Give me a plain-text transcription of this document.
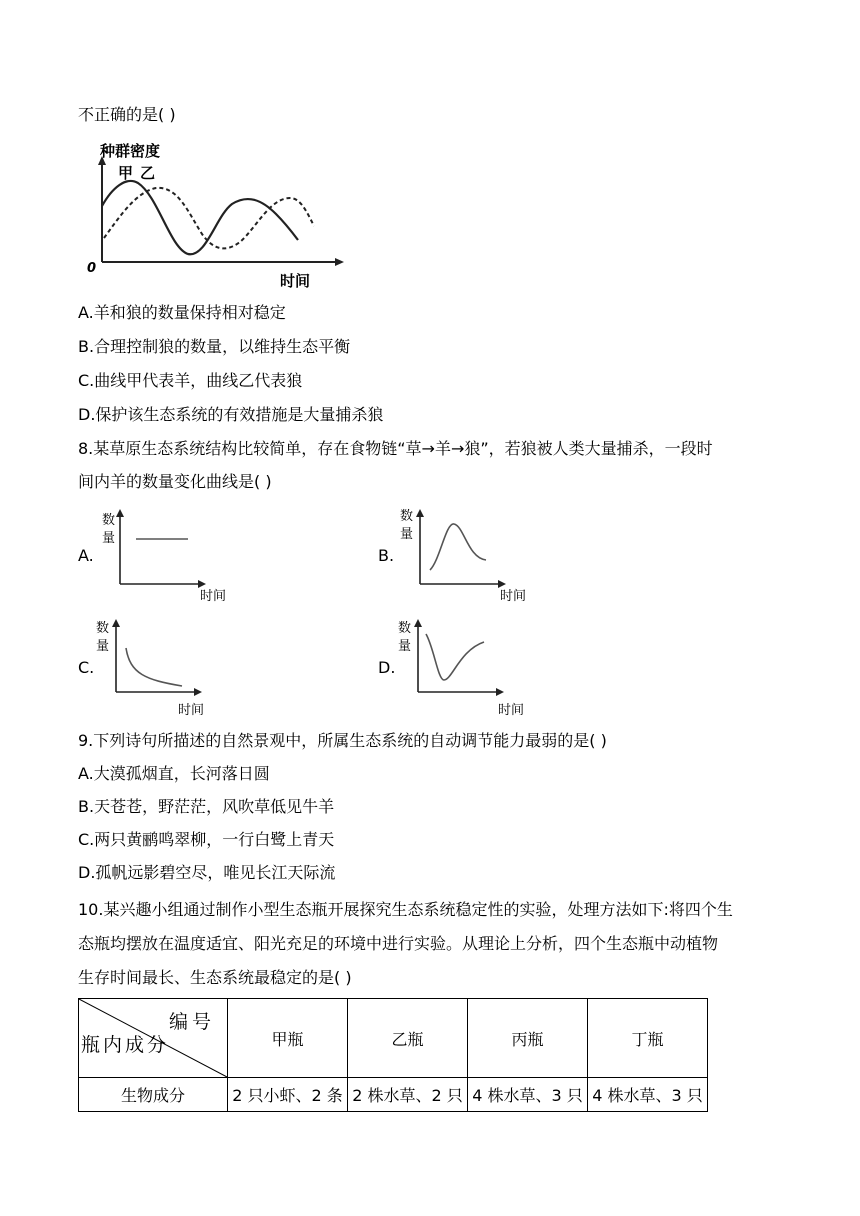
不正确的是( )
种群密度
甲 乙
0
时间
A.羊和狼的数量保持相对稳定
B.合理控制狼的数量，以维持生态平衡
C.曲线甲代表羊，曲线乙代表狼
D.保护该生态系统的有效措施是大量捕杀狼
8.某草原生态系统结构比较简单，存在食物链“草→羊→狼”，若狼被人类大量捕杀，一段时
间内羊的数量变化曲线是( )
A.
数
量
时间
B.
数
量
时间
C.
数
量
时间
D.
数
量
时间
9.下列诗句所描述的自然景观中，所属生态系统的自动调节能力最弱的是( )
A.大漠孤烟直，长河落日圆
B.天苍苍，野茫茫，风吹草低见牛羊
C.两只黄鹂鸣翠柳，一行白鹭上青天
D.孤帆远影碧空尽，唯见长江天际流
10.某兴趣小组通过制作小型生态瓶开展探究生态系统稳定性的实验，处理方法如下:将四个生
态瓶均摆放在温度适宜、阳光充足的环境中进行实验。从理论上分析，四个生态瓶中动植物
生存时间最长、生态系统最稳定的是( )
编号
瓶内成分	甲瓶	乙瓶	丙瓶	丁瓶
生物成分	2 只小虾、2 条	2 株水草、2 只	4 株水草、3 只	4 株水草、3 只
